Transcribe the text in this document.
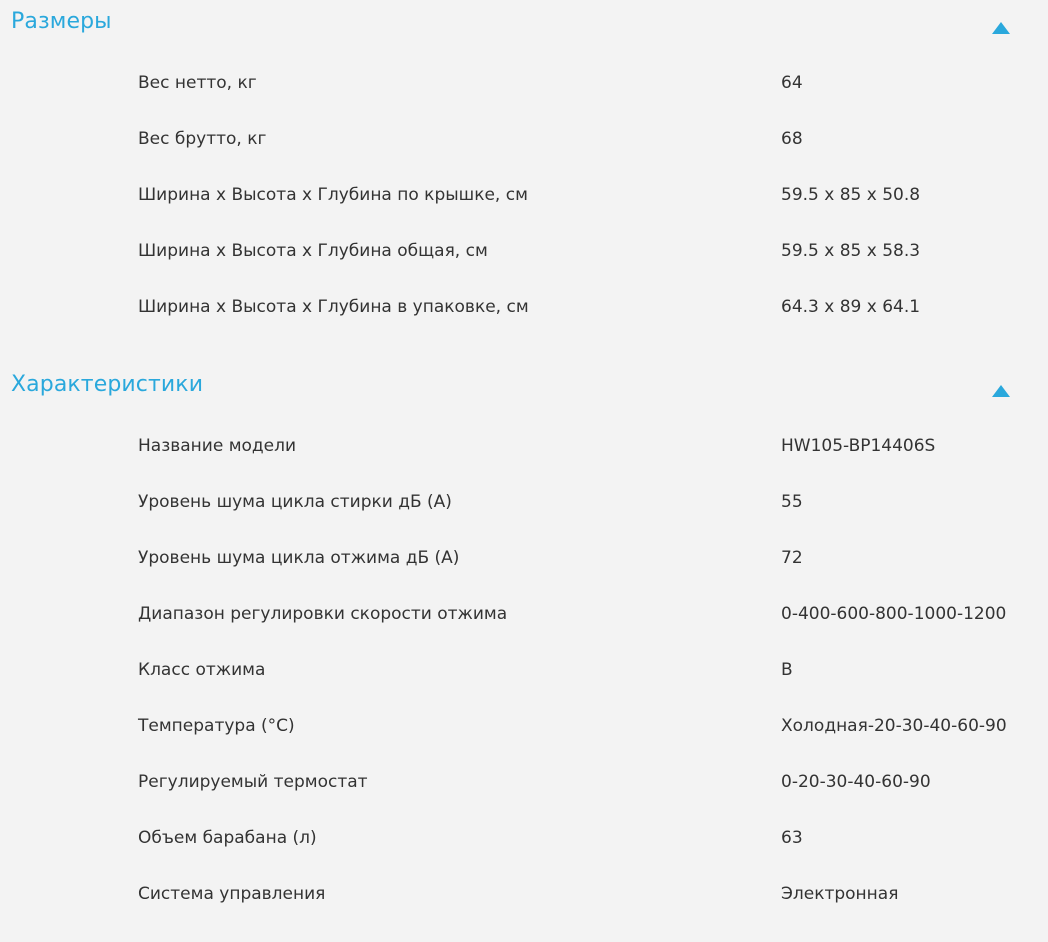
Размеры
Вес нетто, кг	64
Вес брутто, кг	68
Ширина х Высота х Глубина по крышке, см	59.5 x 85 x 50.8
Ширина х Высота х Глубина общая, см	59.5 x 85 x 58.3
Ширина х Высота х Глубина в упаковке, см	64.3 x 89 x 64.1
Характеристики
Название модели	HW105-BP14406S
Уровень шума цикла стирки дБ (А)	55
Уровень шума цикла отжима дБ (А)	72
Диапазон регулировки скорости отжима	0-400-600-800-1000-1200
Класс отжима	B
Температура (°С)	Холодная-20-30-40-60-90
Регулируемый термостат	0-20-30-40-60-90
Объем барабана (л)	63
Система управления	Электронная
